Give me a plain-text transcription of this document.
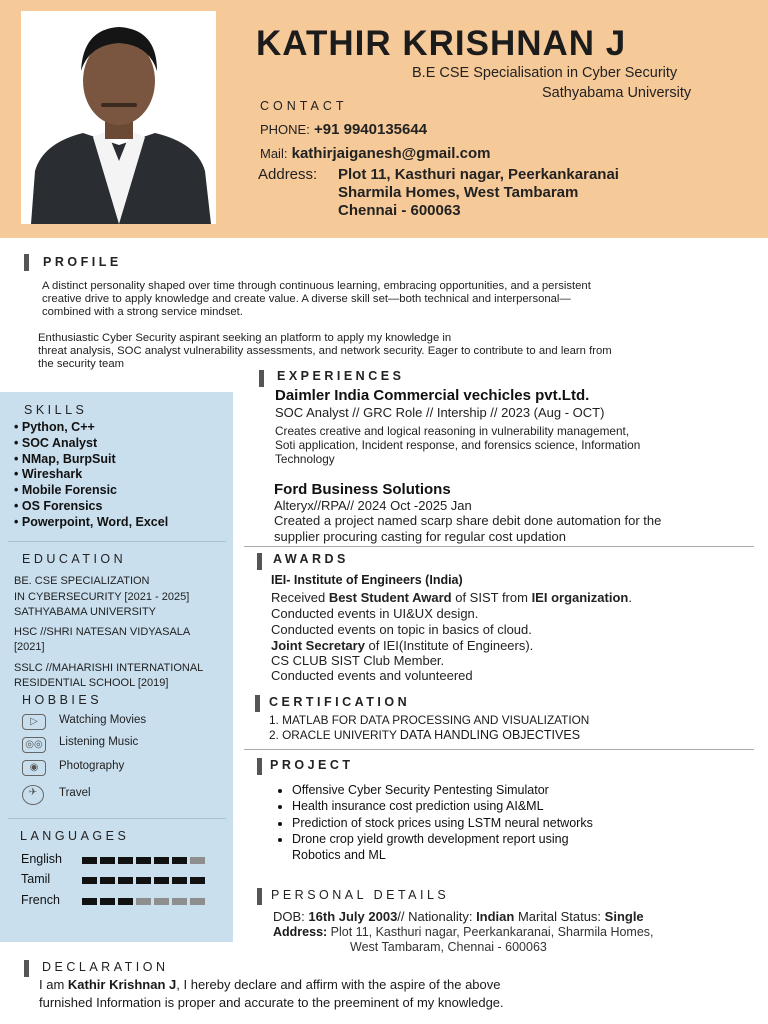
KATHIR KRISHNAN J
B.E CSE Specialisation in Cyber Security
Sathyabama University
CONTACT
PHONE: +91 9940135644
Mail: kathirjaiganesh@gmail.com
Address: Plot 11, Kasthuri nagar, Peerkankaranai
Sharmila Homes, West Tambaram
Chennai - 600063
PROFILE
A distinct personality shaped over time through continuous learning, embracing opportunities, and a persistent
creative drive to apply knowledge and create value. A diverse skill set—both technical and interpersonal—
combined with a strong service mindset.
Enthusiastic Cyber Security aspirant seeking an platform to apply my knowledge in
threat analysis, SOC analyst vulnerability assessments, and network security. Eager to contribute to and learn from
the security team
SKILLS
• Python, C++
• SOC Analyst
• NMap, BurpSuit
• Wireshark
• Mobile Forensic
• OS Forensics
• Powerpoint, Word, Excel
EDUCATION
BE. CSE SPECIALIZATION
IN CYBERSECURITY [2021 - 2025]
SATHYABAMA UNIVERSITY
HSC //SHRI NATESAN VIDYASALA
[2021]
SSLC //MAHARISHI INTERNATIONAL
RESIDENTIAL SCHOOL [2019]
HOBBIES
▷	Watching Movies
◎◎ Listening Music
◉	Photography
✈	Travel
LANGUAGES
English
Tamil
French
EXPERIENCES
Daimler India Commercial vechicles pvt.Ltd.
SOC Analyst // GRC Role // Intership // 2023 (Aug - OCT)
Creates creative and logical reasoning in vulnerability management,
Soti application, Incident response, and forensics science, Information
Technology
Ford Business Solutions
Alteryx//RPA// 2024 Oct -2025 Jan
Created a project named scarp share debit done automation for the
supplier procuring casting for regular cost updation
AWARDS
IEI- Institute of Engineers (India)
Received Best Student Award of SIST from IEI organization.
Conducted events in UI&UX design.
Conducted events on topic in basics of cloud.
Joint Secretary of IEI(Institute of Engineers).
CS CLUB SIST Club Member.
Conducted events and volunteered
CERTIFICATION
1. MATLAB FOR DATA PROCESSING AND VISUALIZATION
2. ORACLE UNIVERITY DATA HANDLING OBJECTIVES
PROJECT
• Offensive Cyber Security Pentesting Simulator
• Health insurance cost prediction using AI&ML
• Prediction of stock prices using LSTM neural networks
• Drone crop yield growth development report using
Robotics and ML
PERSONAL DETAILS
DOB: 16th July 2003// Nationality: Indian Marital Status: Single
Address: Plot 11, Kasthuri nagar, Peerkankaranai, Sharmila Homes,
West Tambaram, Chennai - 600063
DECLARATION
I am Kathir Krishnan J, I hereby declare and affirm with the aspire of the above
furnished Information is proper and accurate to the preeminent of my knowledge.
